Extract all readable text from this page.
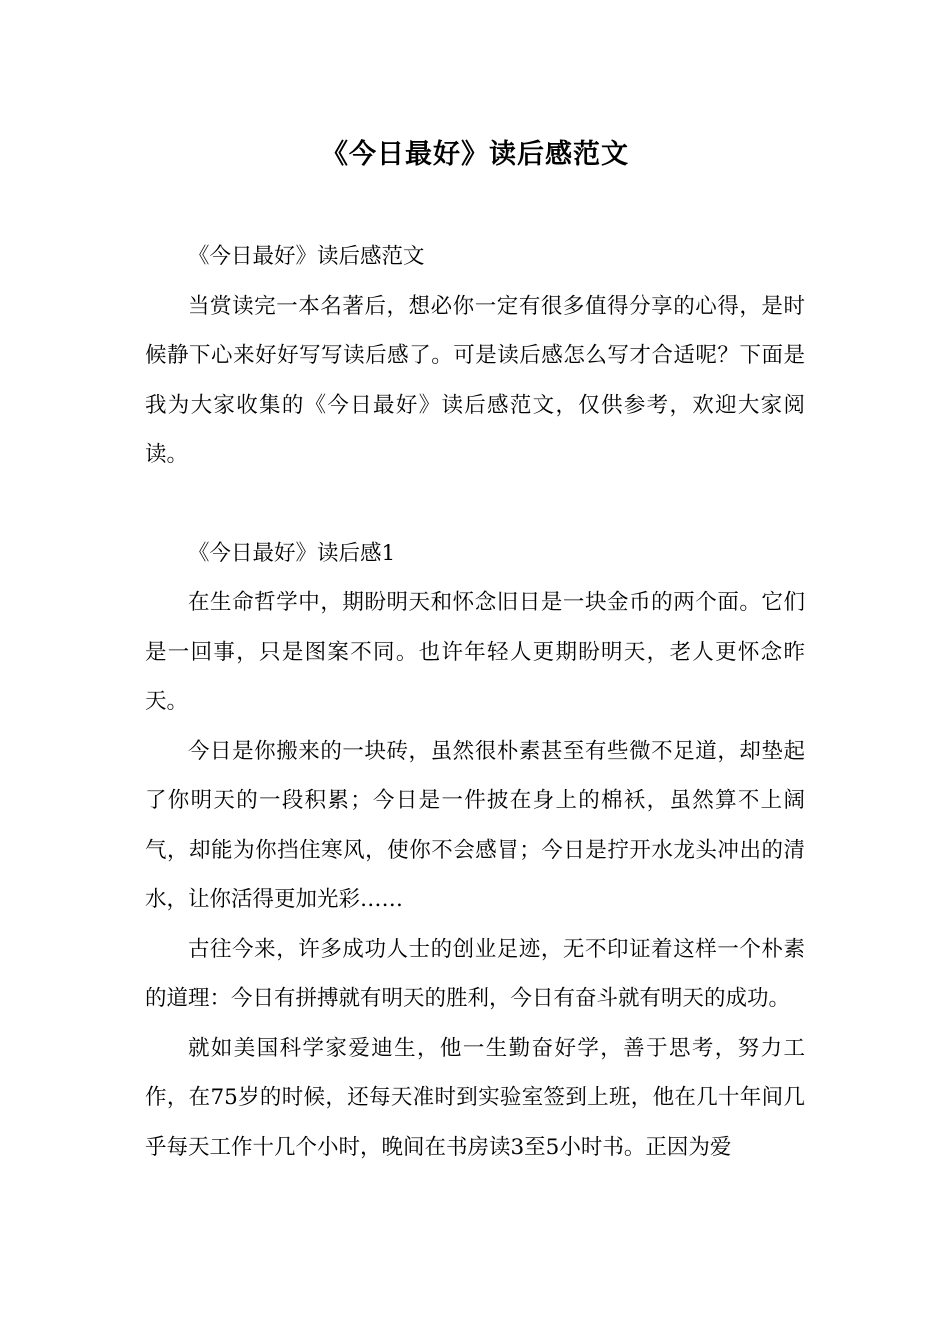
《今日最好》读后感范文

《今日最好》读后感范文

当赏读完一本名著后，想必你一定有很多值得分享的心得，是时候静下心来好好写写读后感了。可是读后感怎么写才合适呢？下面是我为大家收集的《今日最好》读后感范文，仅供参考，欢迎大家阅读。

《今日最好》读后感1

在生命哲学中，期盼明天和怀念旧日是一块金币的两个面。它们是一回事，只是图案不同。也许年轻人更期盼明天，老人更怀念昨天。

今日是你搬来的一块砖，虽然很朴素甚至有些微不足道，却垫起了你明天的一段积累；今日是一件披在身上的棉袄，虽然算不上阔气，却能为你挡住寒风，使你不会感冒；今日是拧开水龙头冲出的清水，让你活得更加光彩……

古往今来，许多成功人士的创业足迹，无不印证着这样一个朴素的道理：今日有拼搏就有明天的胜利，今日有奋斗就有明天的成功。

就如美国科学家爱迪生，他一生勤奋好学，善于思考，努力工作，在75岁的时候，还每天准时到实验室签到上班，他在几十年间几乎每天工作十几个小时，晚间在书房读3至5小时书。正因为爱
